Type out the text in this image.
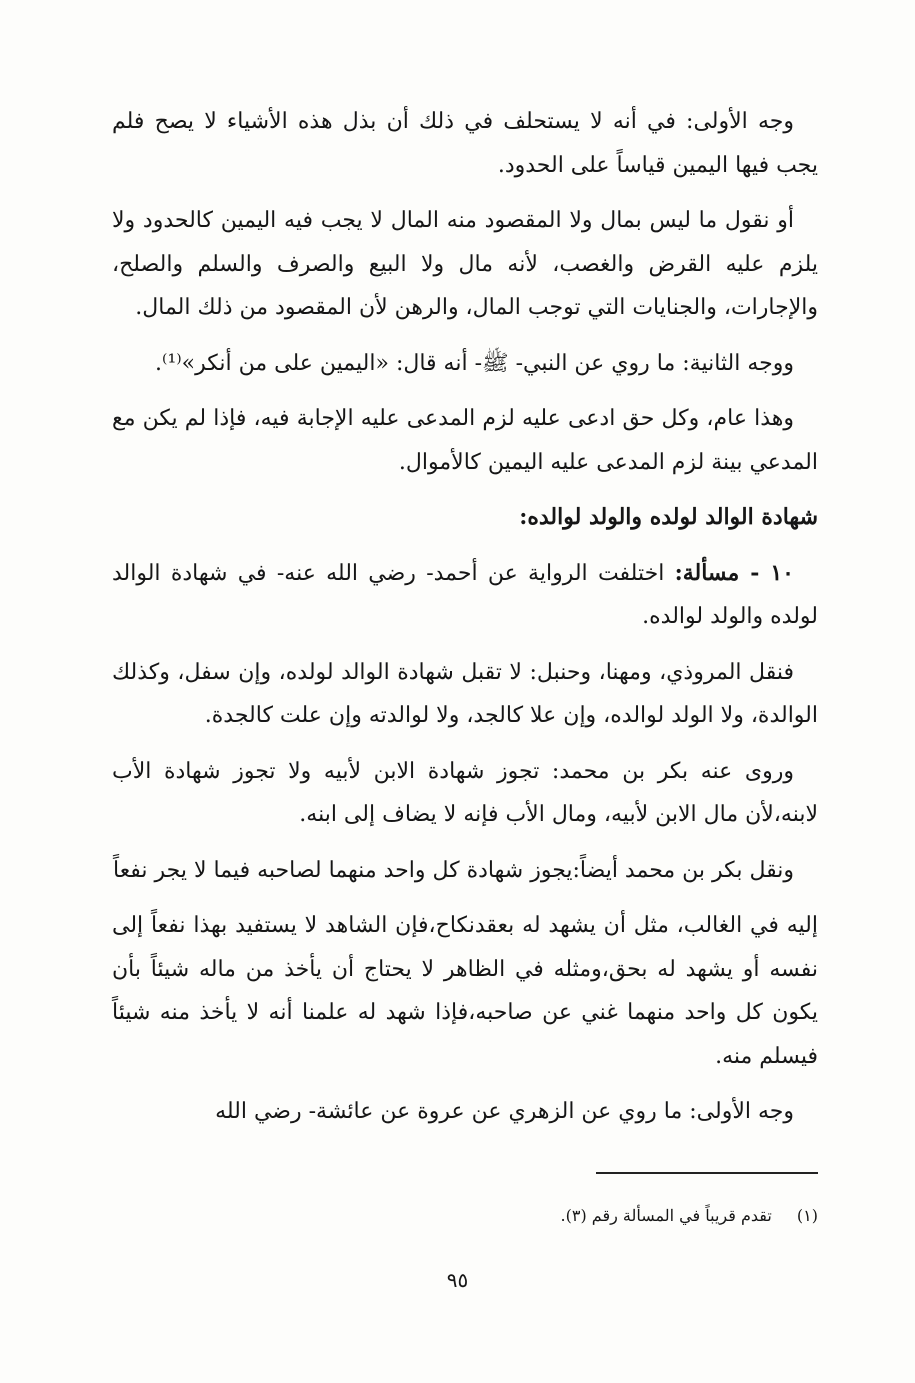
وجه الأولى: في أنه لا يستحلف في ذلك أن بذل هذه الأشياء لا يصح فلم يجب فيها اليمين قياساً على الحدود.

أو نقول ما ليس بمال ولا المقصود منه المال لا يجب فيه اليمين كالحدود ولا يلزم عليه القرض والغصب، لأنه مال ولا البيع والصرف والسلم والصلح، والإجارات، والجنايات التي توجب المال، والرهن لأن المقصود من ذلك المال.

ووجه الثانية: ما روي عن النبي- ﷺ- أنه قال: «اليمين على من أنكر»⁽¹⁾.

وهذا عام، وكل حق ادعى عليه لزم المدعى عليه الإجابة فيه، فإذا لم يكن مع المدعي بينة لزم المدعى عليه اليمين كالأموال.

شهادة الوالد لولده والولد لوالده:

١٠ - مسألة: اختلفت الرواية عن أحمد- رضي الله عنه- في شهادة الوالد لولده والولد لوالده.

فنقل المروذي، ومهنا، وحنبل: لا تقبل شهادة الوالد لولده، وإن سفل، وكذلك الوالدة، ولا الولد لوالده، وإن علا كالجد، ولا لوالدته وإن علت كالجدة.

وروى عنه بكر بن محمد: تجوز شهادة الابن لأبيه ولا تجوز شهادة الأب لابنه،لأن مال الابن لأبيه، ومال الأب فإنه لا يضاف إلى ابنه.

ونقل بكر بن محمد أيضاً:يجوز شهادة كل واحد منهما لصاحبه فيما لا يجر نفعاً

إليه في الغالب، مثل أن يشهد له بعقدنكاح،فإن الشاهد لا يستفيد بهذا نفعاً إلى نفسه أو يشهد له بحق،ومثله في الظاهر لا يحتاج أن يأخذ من ماله شيئاً بأن يكون كل واحد منهما غني عن صاحبه،فإذا شهد له علمنا أنه لا يأخذ منه شيئاً فيسلم منه.

وجه الأولى: ما روي عن الزهري عن عروة عن عائشة- رضي الله

(١) تقدم قريباً في المسألة رقم (٣).
٩٥
